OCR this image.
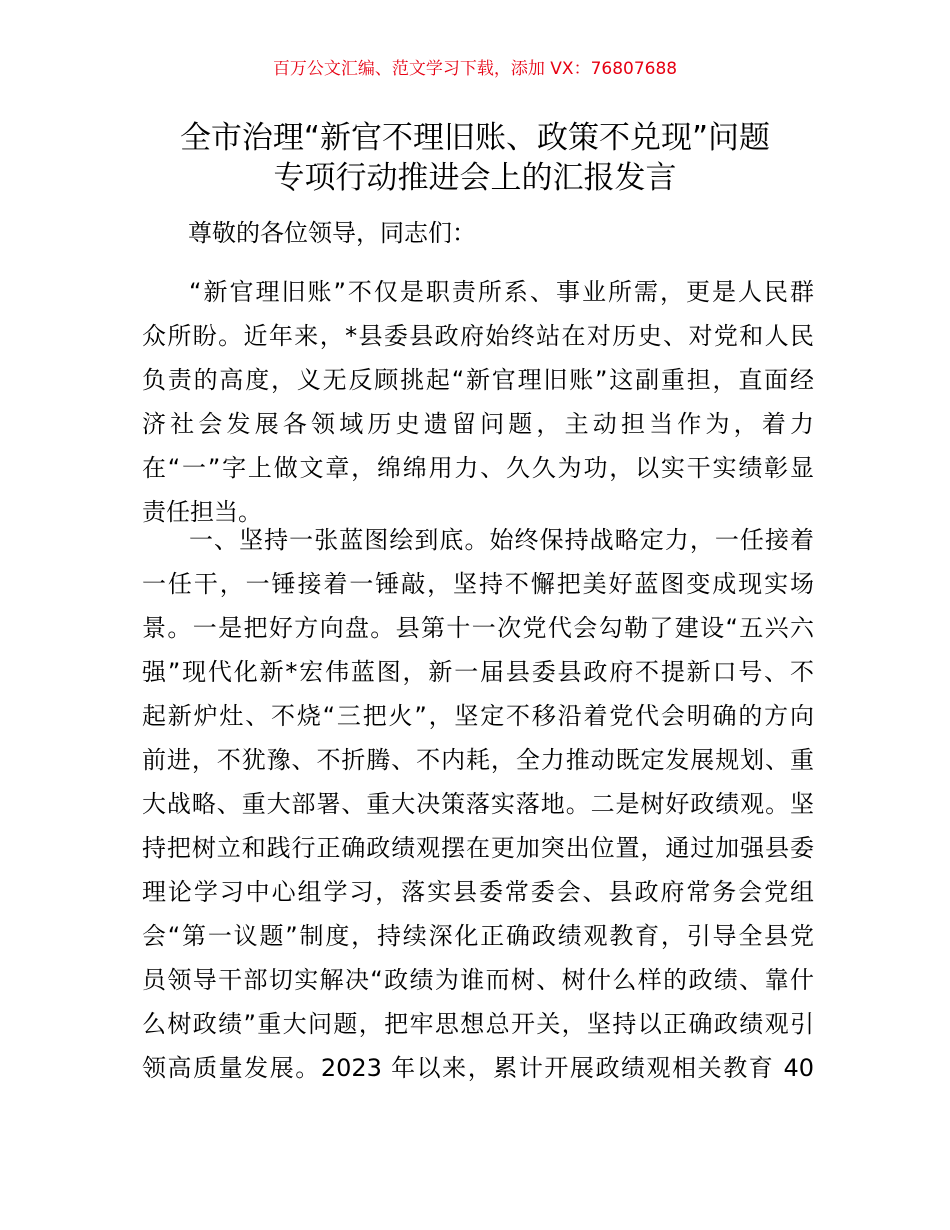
百万公文汇编、范文学习下载，添加 VX：76807688
全市治理“新官不理旧账、政策不兑现”问题
专项行动推进会上的汇报发言
尊敬的各位领导，同志们：
“新官理旧账”不仅是职责所系、事业所需，更是人民群
众所盼。近年来，*县委县政府始终站在对历史、对党和人民
负责的高度，义无反顾挑起“新官理旧账”这副重担，直面经
济社会发展各领域历史遗留问题，主动担当作为，着力
在“一”字上做文章，绵绵用力、久久为功，以实干实绩彰显
责任担当。
一、坚持一张蓝图绘到底。始终保持战略定力，一任接着
一任干，一锤接着一锤敲，坚持不懈把美好蓝图变成现实场
景。一是把好方向盘。县第十一次党代会勾勒了建设“五兴六
强”现代化新*宏伟蓝图，新一届县委县政府不提新口号、不
起新炉灶、不烧“三把火”，坚定不移沿着党代会明确的方向
前进，不犹豫、不折腾、不内耗，全力推动既定发展规划、重
大战略、重大部署、重大决策落实落地。二是树好政绩观。坚
持把树立和践行正确政绩观摆在更加突出位置，通过加强县委
理论学习中心组学习，落实县委常委会、县政府常务会党组
会“第一议题”制度，持续深化正确政绩观教育，引导全县党
员领导干部切实解决“政绩为谁而树、树什么样的政绩、靠什
么树政绩”重大问题，把牢思想总开关，坚持以正确政绩观引
领高质量发展。2023 年以来，累计开展政绩观相关教育 40
